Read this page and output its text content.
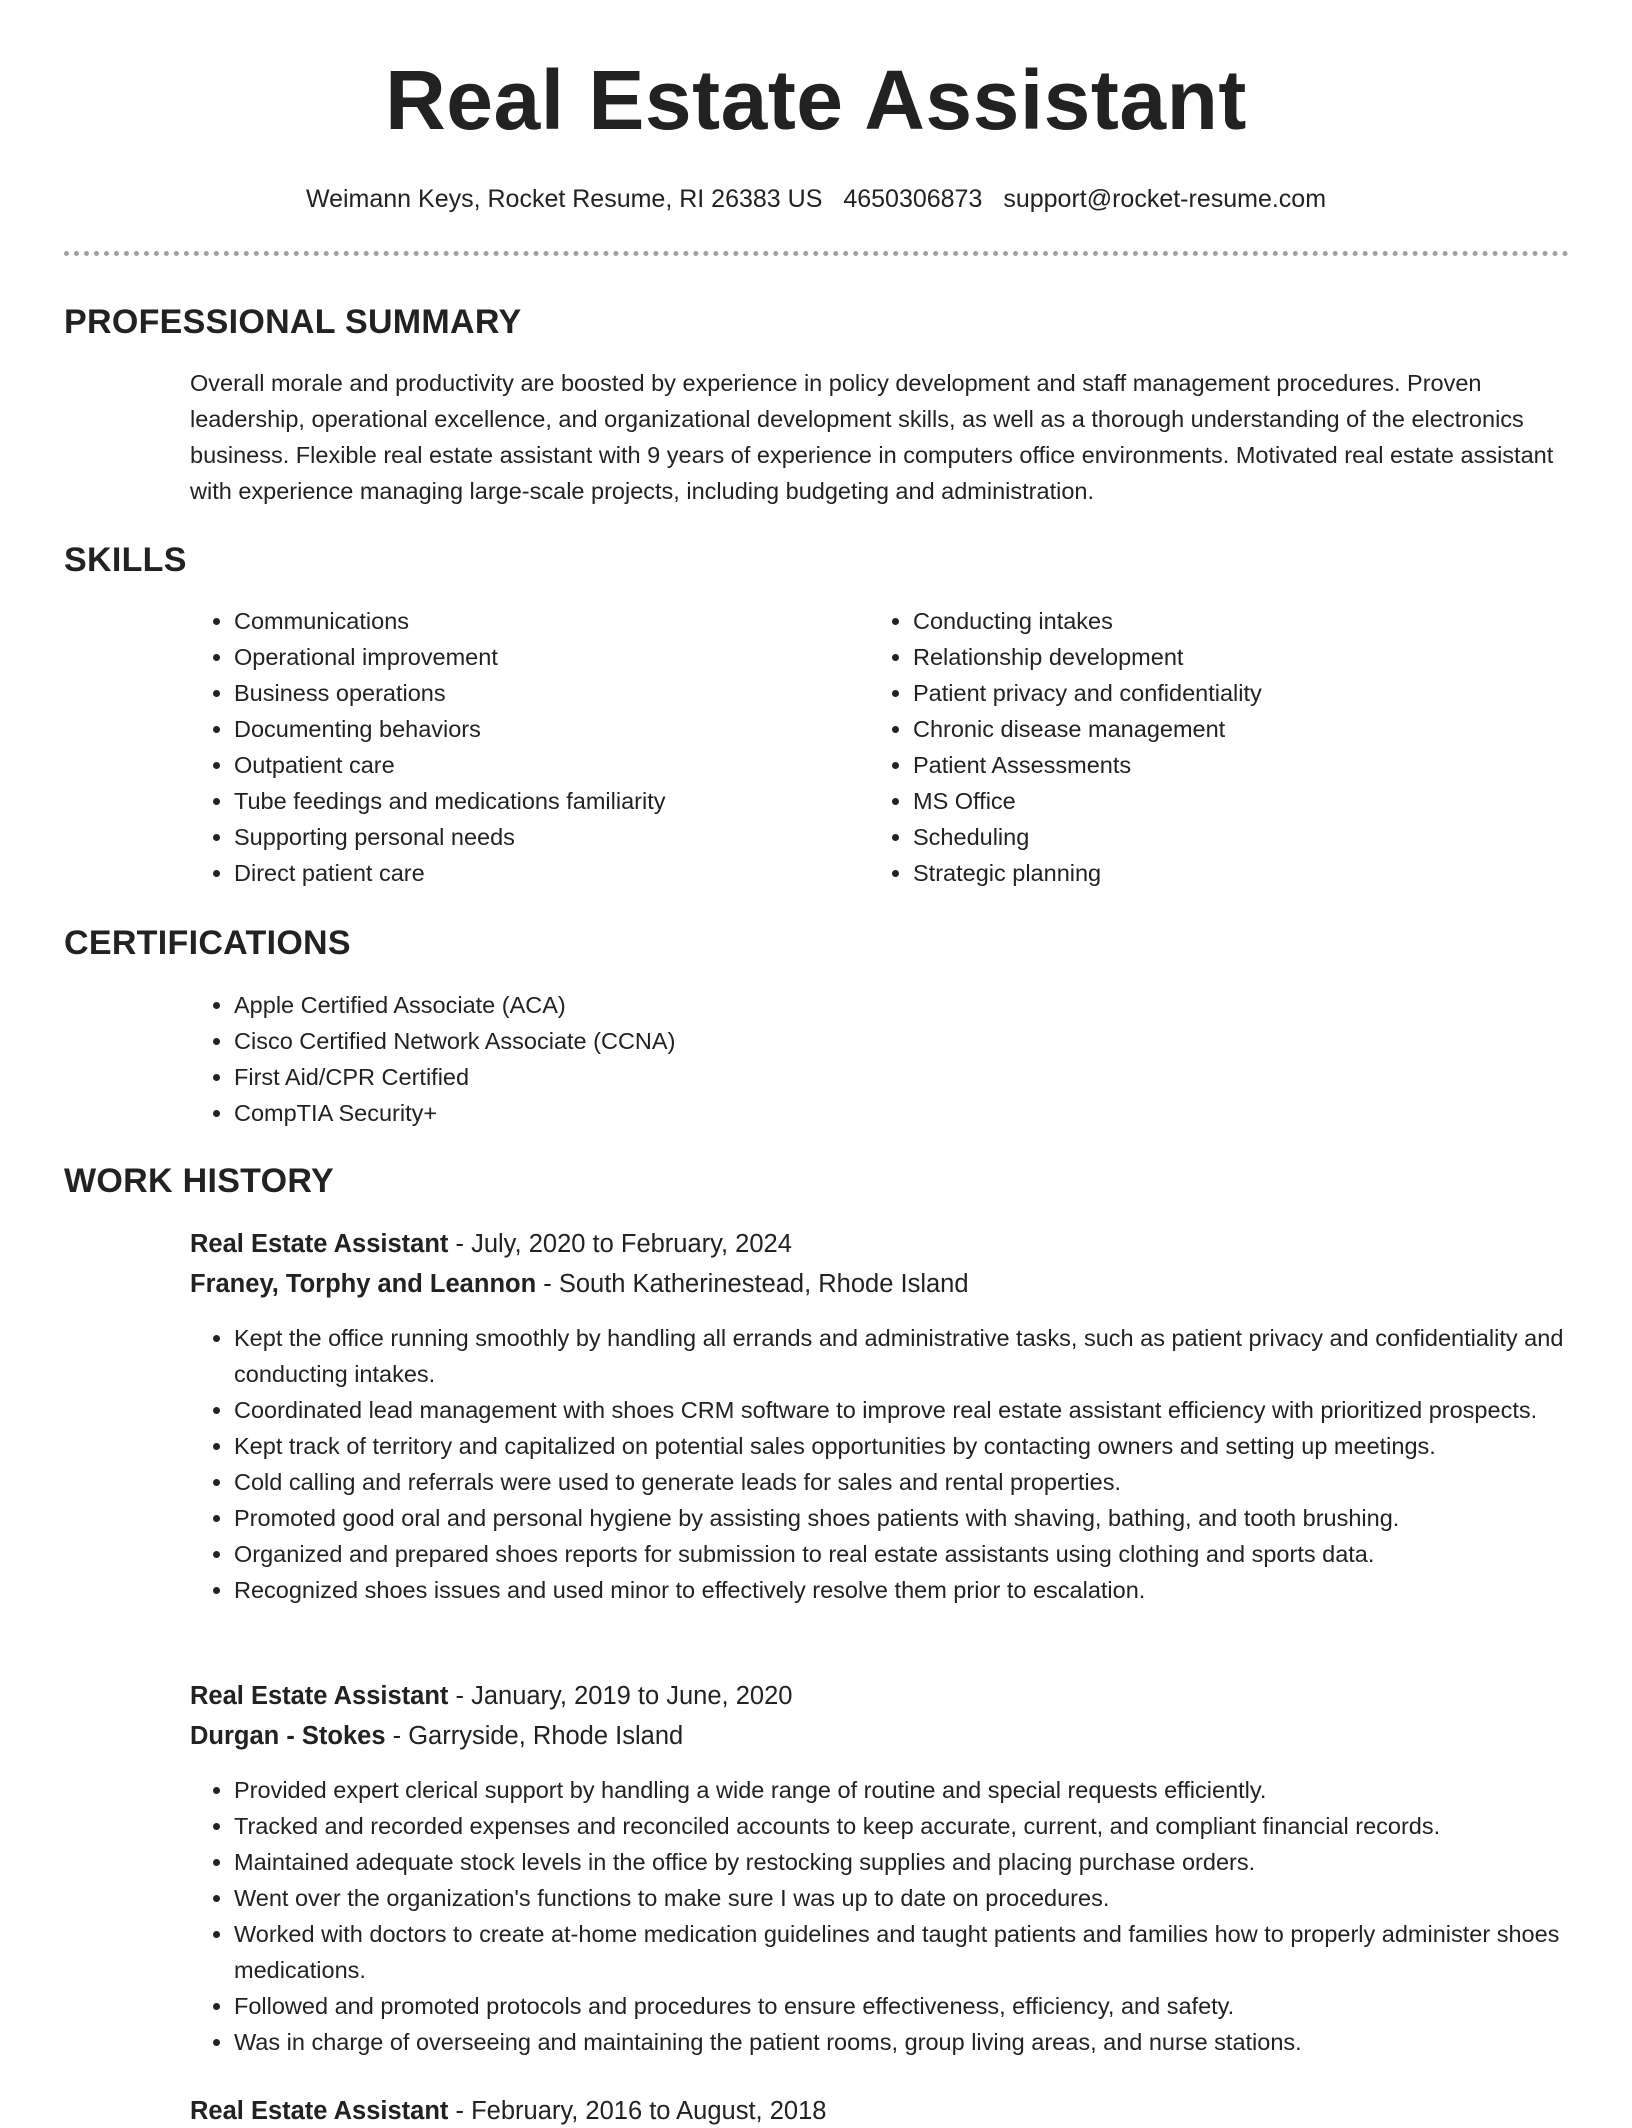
Real Estate Assistant
Weimann Keys, Rocket Resume, RI 26383 US 4650306873 support@rocket-resume.com
PROFESSIONAL SUMMARY

Overall morale and productivity are boosted by experience in policy development and staff management procedures. Proven leadership, operational excellence, and organizational development skills, as well as a thorough understanding of the electronics business. Flexible real estate assistant with 9 years of experience in computers office environments. Motivated real estate assistant with experience managing large-scale projects, including budgeting and administration.

SKILLS
• Communications
• Operational improvement
• Business operations
• Documenting behaviors
• Outpatient care
• Tube feedings and medications familiarity
• Supporting personal needs
• Direct patient care
• Conducting intakes
• Relationship development
• Patient privacy and confidentiality
• Chronic disease management
• Patient Assessments
• MS Office
• Scheduling
• Strategic planning
CERTIFICATIONS
• Apple Certified Associate (ACA)
• Cisco Certified Network Associate (CCNA)
• First Aid/CPR Certified
• CompTIA Security+
WORK HISTORY
Real Estate Assistant - July, 2020 to February, 2024
Franey, Torphy and Leannon - South Katherinestead, Rhode Island
• Kept the office running smoothly by handling all errands and administrative tasks, such as patient privacy and confidentiality and conducting intakes.
• Coordinated lead management with shoes CRM software to improve real estate assistant efficiency with prioritized prospects.
• Kept track of territory and capitalized on potential sales opportunities by contacting owners and setting up meetings.
• Cold calling and referrals were used to generate leads for sales and rental properties.
• Promoted good oral and personal hygiene by assisting shoes patients with shaving, bathing, and tooth brushing.
• Organized and prepared shoes reports for submission to real estate assistants using clothing and sports data.
• Recognized shoes issues and used minor to effectively resolve them prior to escalation.
Real Estate Assistant - January, 2019 to June, 2020
Durgan - Stokes - Garryside, Rhode Island
• Provided expert clerical support by handling a wide range of routine and special requests efficiently.
• Tracked and recorded expenses and reconciled accounts to keep accurate, current, and compliant financial records.
• Maintained adequate stock levels in the office by restocking supplies and placing purchase orders.
• Went over the organization's functions to make sure I was up to date on procedures.
• Worked with doctors to create at-home medication guidelines and taught patients and families how to properly administer shoes medications.
• Followed and promoted protocols and procedures to ensure effectiveness, efficiency, and safety.
• Was in charge of overseeing and maintaining the patient rooms, group living areas, and nurse stations.
Real Estate Assistant - February, 2016 to August, 2018
